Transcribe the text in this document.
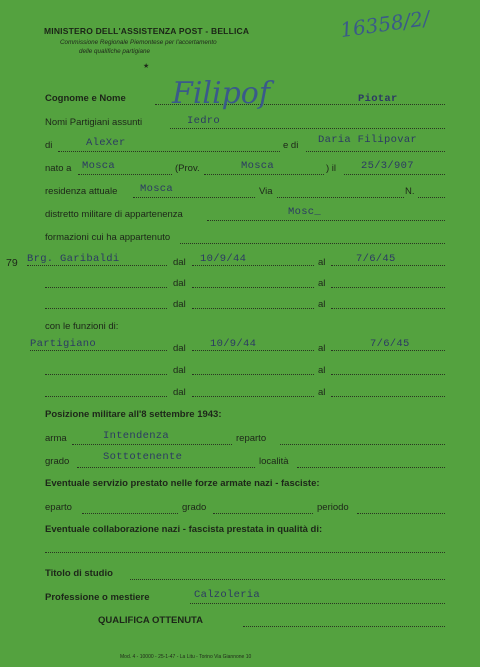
MINISTERO DELL'ASSISTENZA POST - BELLICA
Commissione Regionale Piemontese per l'accertamento
delle qualifiche partigiane
★
16358/2/
Cognome e Nome Filipof	Piotar
Nomi Partigiani assunti	Iedro
di	AleXer	e di Daria Filipovar
nato a Mosca	(Prov.	Mosca	) il 25/3/907
residenza attuale Mosca	Via	N.
distretto militare di appartenenza	Mosc_
formazioni cui ha appartenuto
79 Brg. Garibaldi	dal 10/9/44	al	7/6/45
dal	al
dal	al
con le funzioni di:
Partigiano	dal 10/9/44	al	7/6/45
dal	al
dal	al
Posizione militare all'8 settembre 1943:
arma	Intendenza	reparto
grado	Sottotenente	località
Eventuale servizio prestato nelle forze armate nazi - fasciste:
eparto	grado	periodo
Eventuale collaborazione nazi - fascista prestata in qualità di:
Titolo di studio
Professione o mestiere	Calzoleria
QUALIFICA OTTENUTA
Mod. 4 - 10000 - 25-1-47 - La Litu - Torino Via Giannone 10
